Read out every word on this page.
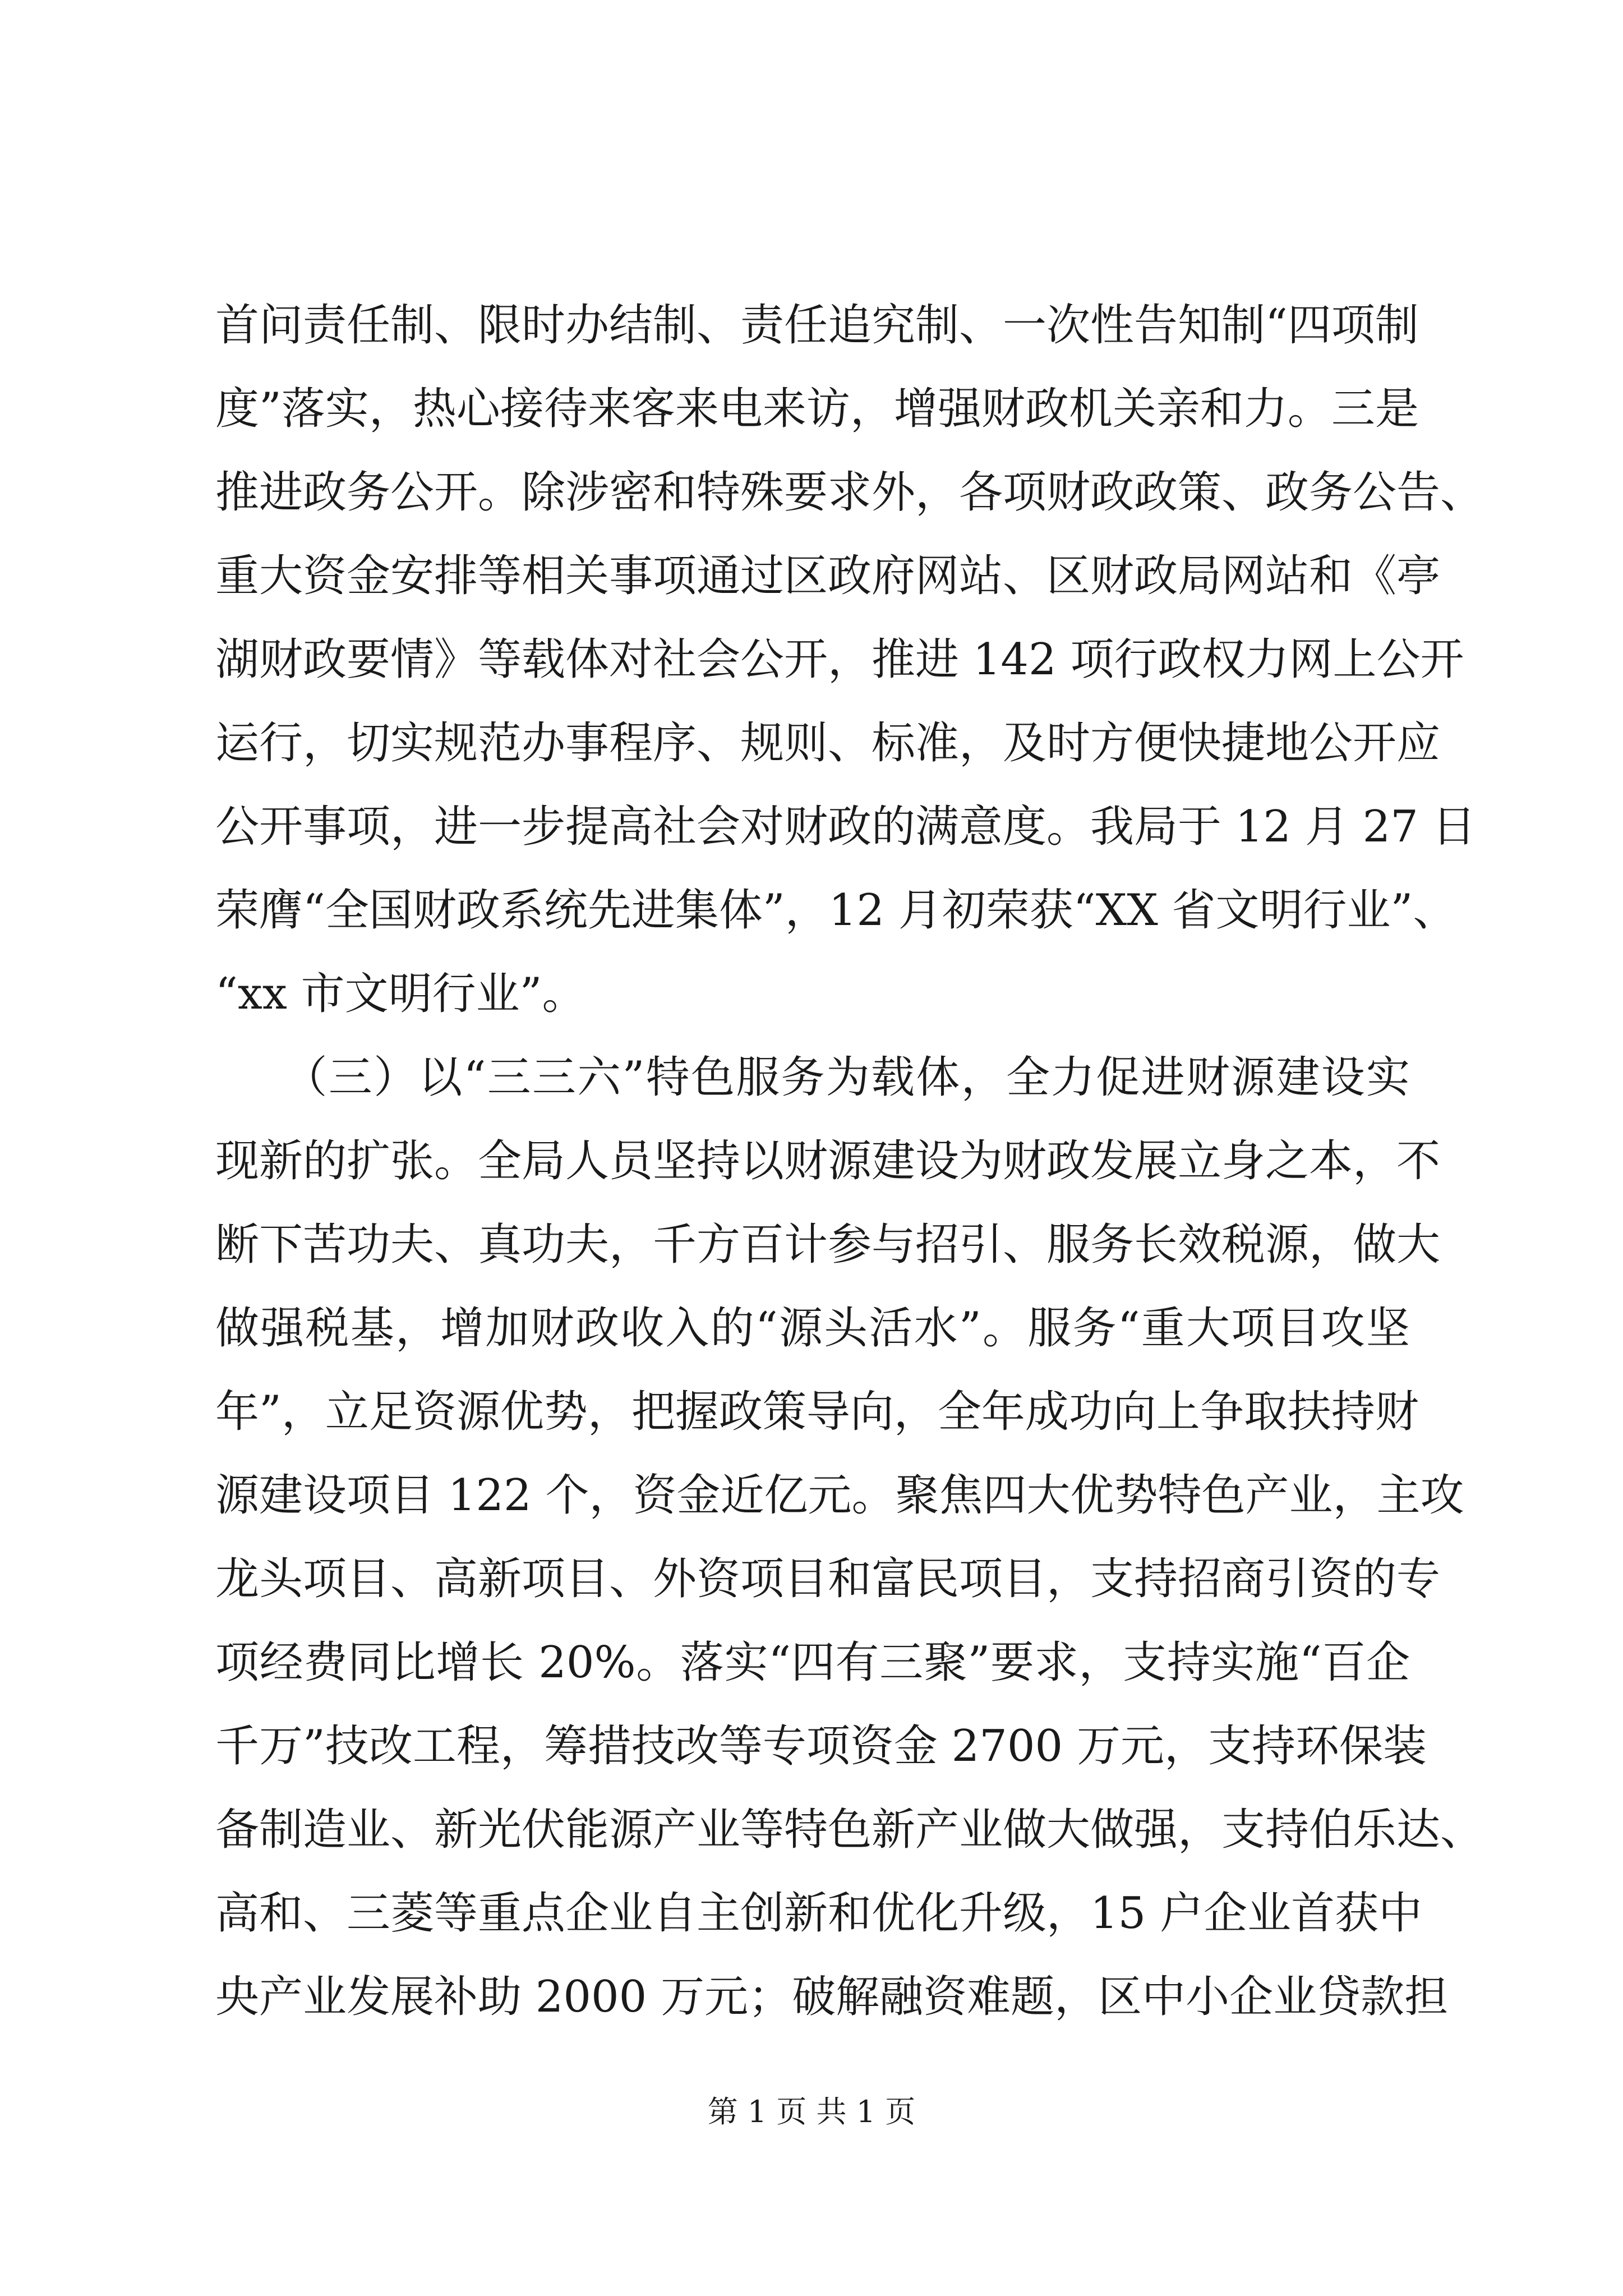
首问责任制、限时办结制、责任追究制、一次性告知制“四项制
度”落实，热心接待来客来电来访，增强财政机关亲和力。三是
推进政务公开。除涉密和特殊要求外，各项财政政策、政务公告、
重大资金安排等相关事项通过区政府网站、区财政局网站和《亭
湖财政要情》等载体对社会公开，推进 142 项行政权力网上公开
运行，切实规范办事程序、规则、标准，及时方便快捷地公开应
公开事项，进一步提高社会对财政的满意度。我局于 12 月 27 日
荣膺“全国财政系统先进集体”，12 月初荣获“XX 省文明行业”、
“xx 市文明行业”。
　　（三）以“三三六”特色服务为载体，全力促进财源建设实
现新的扩张。全局人员坚持以财源建设为财政发展立身之本，不
断下苦功夫、真功夫，千方百计参与招引、服务长效税源，做大
做强税基，增加财政收入的“源头活水”。服务“重大项目攻坚
年”，立足资源优势，把握政策导向，全年成功向上争取扶持财
源建设项目 122 个，资金近亿元。聚焦四大优势特色产业，主攻
龙头项目、高新项目、外资项目和富民项目，支持招商引资的专
项经费同比增长 20%。落实“四有三聚”要求，支持实施“百企
千万”技改工程，筹措技改等专项资金 2700 万元，支持环保装
备制造业、新光伏能源产业等特色新产业做大做强，支持伯乐达、
高和、三菱等重点企业自主创新和优化升级，15 户企业首获中
央产业发展补助 2000 万元；破解融资难题，区中小企业贷款担
第 1 页 共 1 页
